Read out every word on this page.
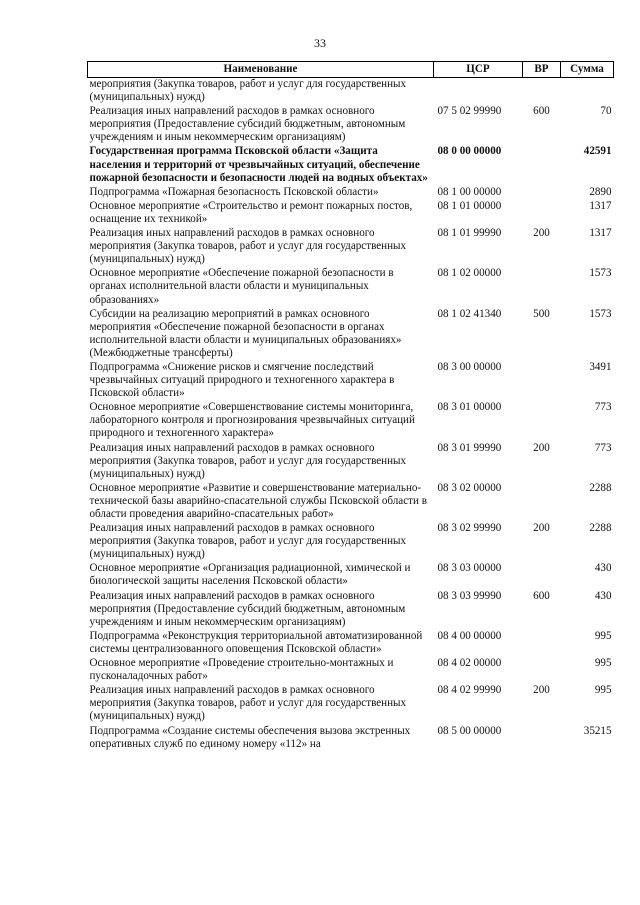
33
Наименование	ЦСР	ВР	Сумма
мероприятия (Закупка товаров, работ и услуг для государственных (муниципальных) нужд)			
Реализация иных направлений расходов в рамках основного мероприятия (Предоставление субсидий бюджетным, автономным учреждениям и иным некоммерческим организациям)	07 5 02 99990	600	70
Государственная программа Псковской области «Защита населения и территорий от чрезвычайных ситуаций, обеспечение пожарной безопасности и безопасности людей на водных объектах»	08 0 00 00000		42591
Подпрограмма «Пожарная безопасность Псковской области»	08 1 00 00000		2890
Основное мероприятие «Строительство и ремонт пожарных постов, оснащение их техникой»	08 1 01 00000		1317
Реализация иных направлений расходов в рамках основного мероприятия (Закупка товаров, работ и услуг для государственных (муниципальных) нужд)	08 1 01 99990	200	1317
Основное мероприятие «Обеспечение пожарной безопасности в органах исполнительной власти области и муниципальных образованиях»	08 1 02 00000		1573
Субсидии на реализацию мероприятий в рамках основного мероприятия «Обеспечение пожарной безопасности в органах исполнительной власти области и муниципальных образованиях» (Межбюджетные трансферты)	08 1 02 41340	500	1573
Подпрограмма «Снижение рисков и смягчение последствий чрезвычайных ситуаций природного и техногенного характера в Псковской области»	08 3 00 00000		3491
Основное мероприятие «Совершенствование системы мониторинга, лабораторного контроля и прогнозирования чрезвычайных ситуаций природного и техногенного характера»	08 3 01 00000		773
Реализация иных направлений расходов в рамках основного мероприятия (Закупка товаров, работ и услуг для государственных (муниципальных) нужд)	08 3 01 99990	200	773
Основное мероприятие «Развитие и совершенствование материально-технической базы аварийно-спасательной службы Псковской области в области проведения аварийно-спасательных работ»	08 3 02 00000		2288
Реализация иных направлений расходов в рамках основного мероприятия (Закупка товаров, работ и услуг для государственных (муниципальных) нужд)	08 3 02 99990	200	2288
Основное мероприятие «Организация радиационной, химической и биологической защиты населения Псковской области»	08 3 03 00000		430
Реализация иных направлений расходов в рамках основного мероприятия (Предоставление субсидий бюджетным, автономным учреждениям и иным некоммерческим организациям)	08 3 03 99990	600	430
Подпрограмма «Реконструкция территориальной автоматизированной системы централизованного оповещения Псковской области»	08 4 00 00000		995
Основное мероприятие «Проведение строительно-монтажных и пусконаладочных работ»	08 4 02 00000		995
Реализация иных направлений расходов в рамках основного мероприятия (Закупка товаров, работ и услуг для государственных (муниципальных) нужд)	08 4 02 99990	200	995
Подпрограмма «Создание системы обеспечения вызова экстренных оперативных служб по единому номеру «112» на	08 5 00 00000		35215
